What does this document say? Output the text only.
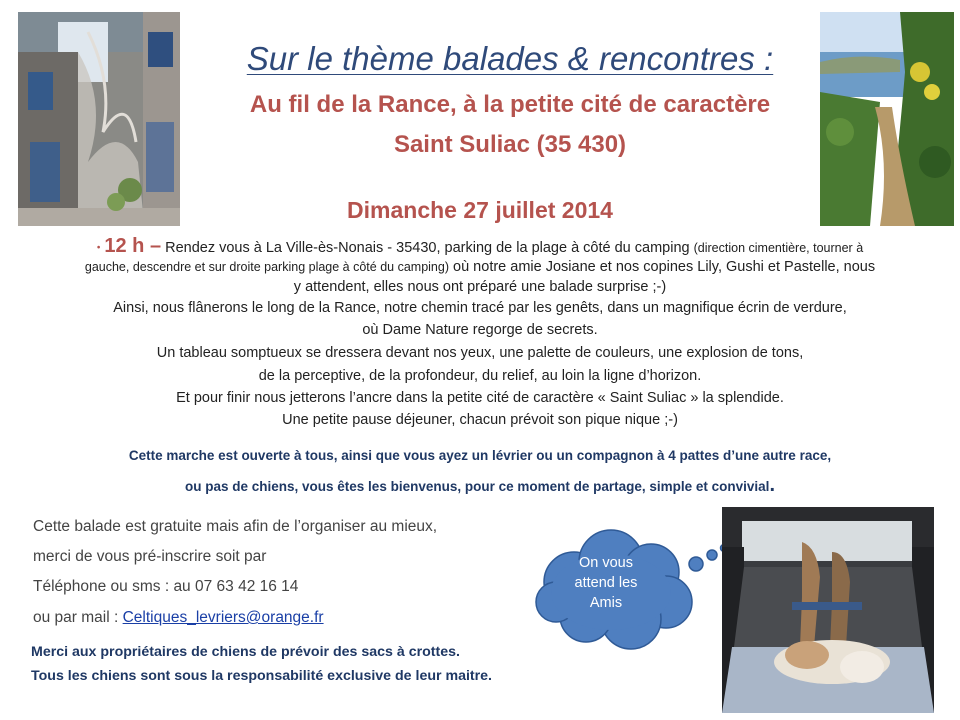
Sur le thème balades & rencontres :
Au fil de la Rance, à la petite cité de caractère
Saint Suliac (35 430)
Dimanche 27 juillet 2014
• 12 h – Rendez vous à La Ville-ès-Nonais - 35430, parking de la plage à côté du camping (direction cimentière, tourner à
gauche, descendre et sur droite parking plage à côté du camping) où notre amie Josiane et nos copines Lily, Gushi et Pastelle, nous
y attendent, elles nous ont préparé une balade surprise ;-)
Ainsi, nous flânerons le long de la Rance, notre chemin tracé par les genêts, dans un magnifique écrin de verdure,
où Dame Nature regorge de secrets.
Un tableau somptueux se dressera devant nos yeux, une palette de couleurs, une explosion de tons,
de la perceptive, de la profondeur, du relief, au loin la ligne d’horizon.
Et pour finir nous jetterons l’ancre dans la petite cité de caractère « Saint Suliac » la splendide.
Une petite pause déjeuner, chacun prévoit son pique nique ;-)
Cette marche est ouverte à tous, ainsi que vous ayez un lévrier ou un compagnon à 4 pattes d’une autre race,
ou pas de chiens, vous êtes les bienvenus, pour ce moment de partage, simple et convivial.
Cette balade est gratuite mais afin de l’organiser au mieux,
merci de vous pré-inscrire soit par
Téléphone ou sms : au 07 63 42 16 14
ou par mail : Celtiques_levriers@orange.fr
On vous
attend les
Amis
Merci aux propriétaires de chiens de prévoir des sacs à crottes.
Tous les chiens sont sous la responsabilité exclusive de leur maitre.
